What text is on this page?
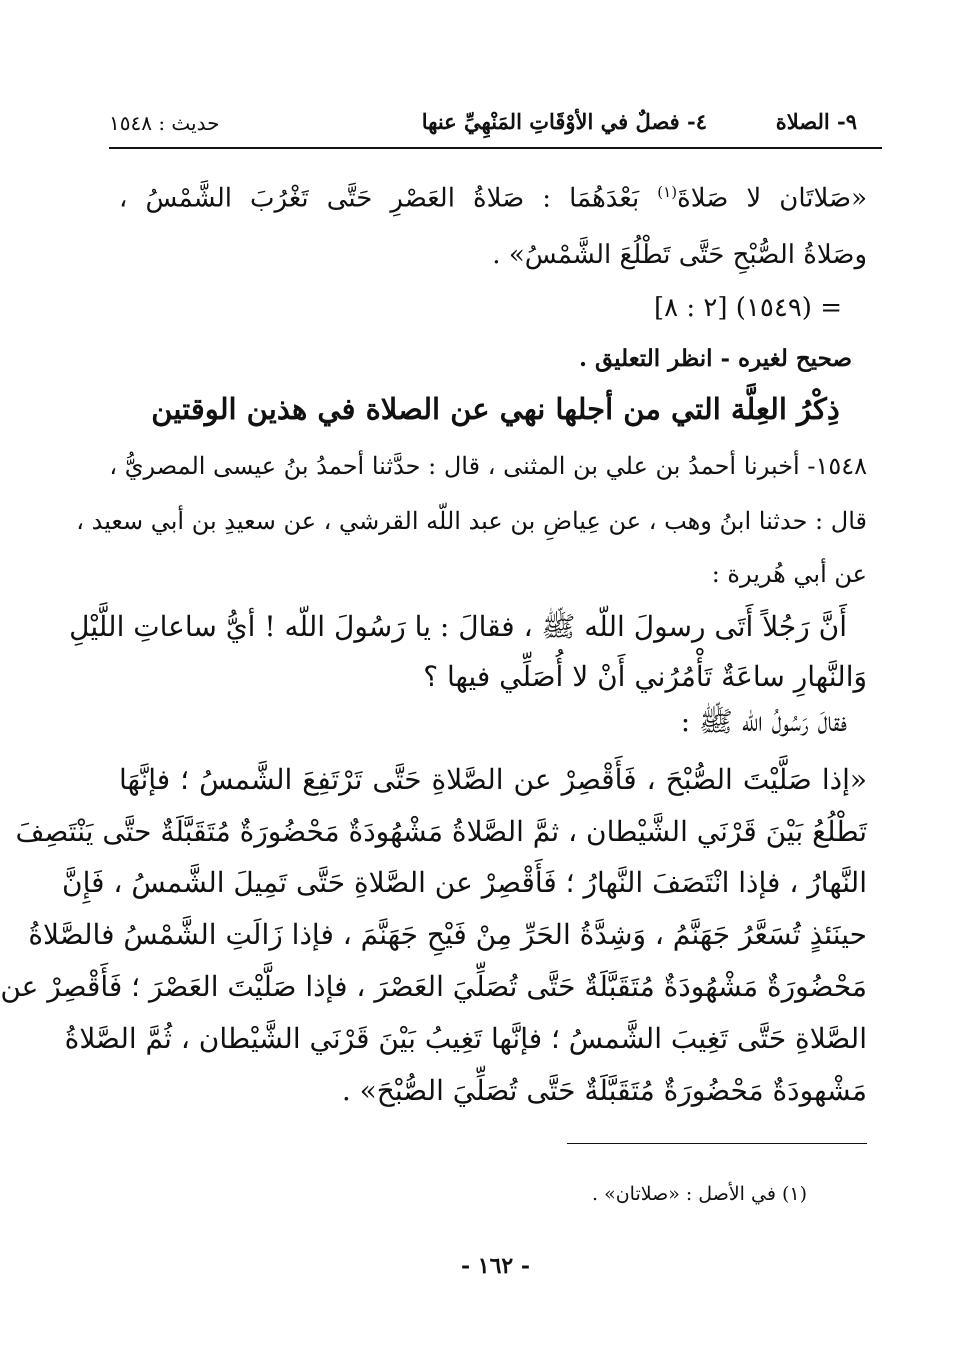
٩- الصلاة
٤- فصلٌ في الأوْقَاتِ المَنْهِيِّ عنها
حديث : ١٥٤٨
«صَلاتَان لا صَلاةَ$^{(١)}$ بَعْدَهُمَا : صَلاةُ العَصْرِ حَتَّى تَغْرُبَ الشَّمْسُ ،
وصَلاةُ الصُّبْحِ حَتَّى تَطْلُعَ الشَّمْسُ» .
= (١٥٤٩) [٢ : ٨]
صحيح لغيره - انظر التعليق .
ذِكْرُ العِلَّة التي من أجلها نهي عن الصلاة في هذين الوقتين
١٥٤٨- أخبرنا أحمدُ بن علي بن المثنى ، قال : حدَّثنا أحمدُ بنُ عيسى المصريُّ ،
قال : حدثنا ابنُ وهب ، عن عِياضِ بن عبد اللّه القرشي ، عن سعيدِ بن أبي سعيد ،
عن أبي هُريرة :
أَنَّ رَجُلاً أَتَى رسولَ اللّه ﷺ ، فقالَ : يا رَسُولَ اللّه ! أيُّ ساعاتِ اللَّيْلِ
وَالنَّهارِ ساعَةٌ تَأْمُرُني أَنْ لا أُصَلِّي فيها ؟
فقالَ رَسُولُ اللّه ﷺ :
«إذا صَلَّيْتَ الصُّبْحَ ، فَأَقْصِرْ عن الصَّلاةِ حَتَّى تَرْتَفِعَ الشَّمسُ ؛ فإنَّهَا
تَطْلُعُ بَيْنَ قَرْنَي الشَّيْطان ، ثمَّ الصَّلاةُ مَشْهُودَةٌ مَحْضُورَةٌ مُتَقَبَّلَةٌ حتَّى يَنْتَصِفَ
النَّهارُ ، فإذا انْتَصَفَ النَّهارُ ؛ فَأَقْصِرْ عن الصَّلاةِ حَتَّى تَمِيلَ الشَّمسُ ، فَإِنَّ
حينَئذٍ تُسَعَّرُ جَهَنَّمُ ، وَشِدَّةُ الحَرِّ مِنْ فَيْحِ جَهَنَّمَ ، فإذا زَالَتِ الشَّمْسُ فالصَّلاةُ
مَحْضُورَةٌ مَشْهُودَةٌ مُتَقَبَّلَةٌ حَتَّى تُصَلِّيَ العَصْرَ ، فإذا صَلَّيْتَ العَصْرَ ؛ فَأَقْصِرْ عن
الصَّلاةِ حَتَّى تَغِيبَ الشَّمسُ ؛ فإنَّها تَغِيبُ بَيْنَ قَرْنَي الشَّيْطان ، ثُمَّ الصَّلاةُ
مَشْهودَةٌ مَحْضُورَةٌ مُتَقَبَّلَةٌ حَتَّى تُصَلِّيَ الصُّبْحَ» .
(١) في الأصل : «صلاتان» .
- ١٦٢ -
